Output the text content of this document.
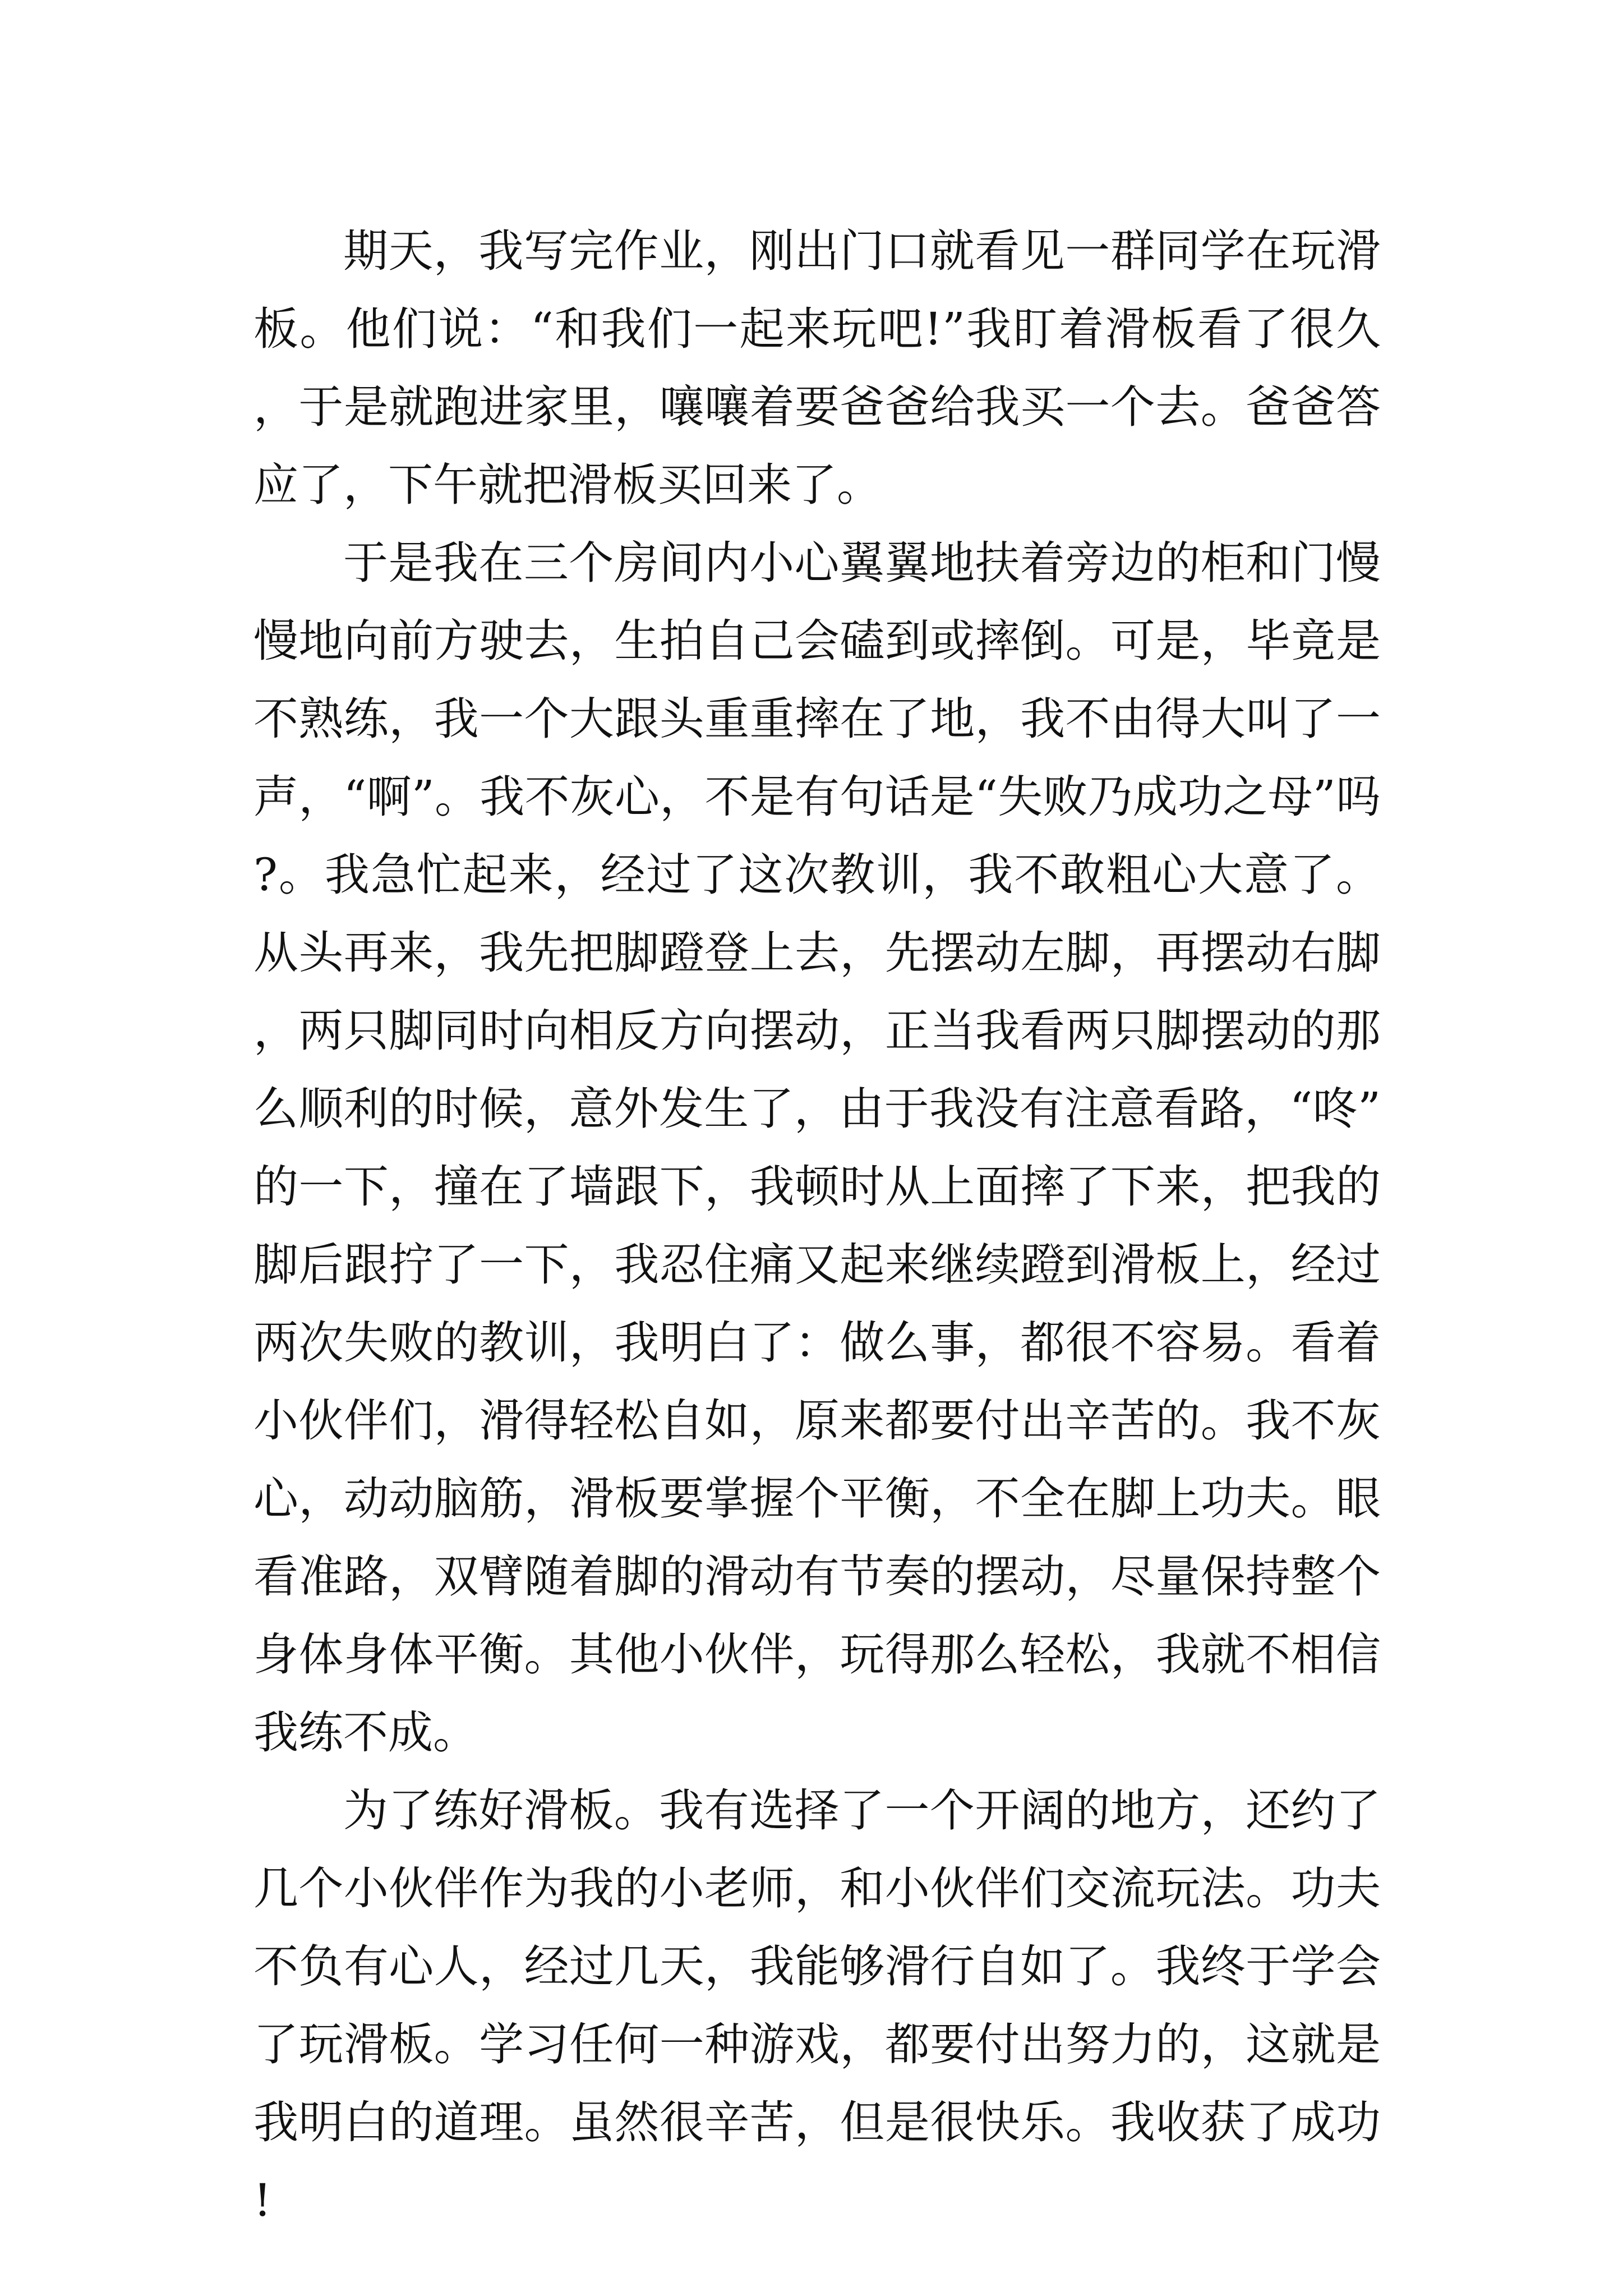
期天，我写完作业，刚出门口就看见一群同学在玩滑板。他们说：“和我们一起来玩吧!”我盯着滑板看了很久，于是就跑进家里，嚷嚷着要爸爸给我买一个去。爸爸答应了，下午就把滑板买回来了。

于是我在三个房间内小心翼翼地扶着旁边的柜和门慢慢地向前方驶去，生拍自己会磕到或摔倒。可是，毕竟是不熟练，我一个大跟头重重摔在了地，我不由得大叫了一声，“啊”。我不灰心，不是有句话是“失败乃成功之母”吗?。我急忙起来，经过了这次教训，我不敢粗心大意了。从头再来，我先把脚蹬登上去，先摆动左脚，再摆动右脚，两只脚同时向相反方向摆动，正当我看两只脚摆动的那么顺利的时候，意外发生了，由于我没有注意看路，“咚”的一下，撞在了墙跟下，我顿时从上面摔了下来，把我的脚后跟拧了一下，我忍住痛又起来继续蹬到滑板上，经过两次失败的教训，我明白了：做么事，都很不容易。看着小伙伴们，滑得轻松自如，原来都要付出辛苦的。我不灰心，动动脑筋，滑板要掌握个平衡，不全在脚上功夫。眼看准路，双臂随着脚的滑动有节奏的摆动，尽量保持整个身体身体平衡。其他小伙伴，玩得那么轻松，我就不相信我练不成。

为了练好滑板。我有选择了一个开阔的地方，还约了几个小伙伴作为我的小老师，和小伙伴们交流玩法。功夫不负有心人，经过几天，我能够滑行自如了。我终于学会了玩滑板。学习任何一种游戏，都要付出努力的，这就是我明白的道理。虽然很辛苦，但是很快乐。我收获了成功!
